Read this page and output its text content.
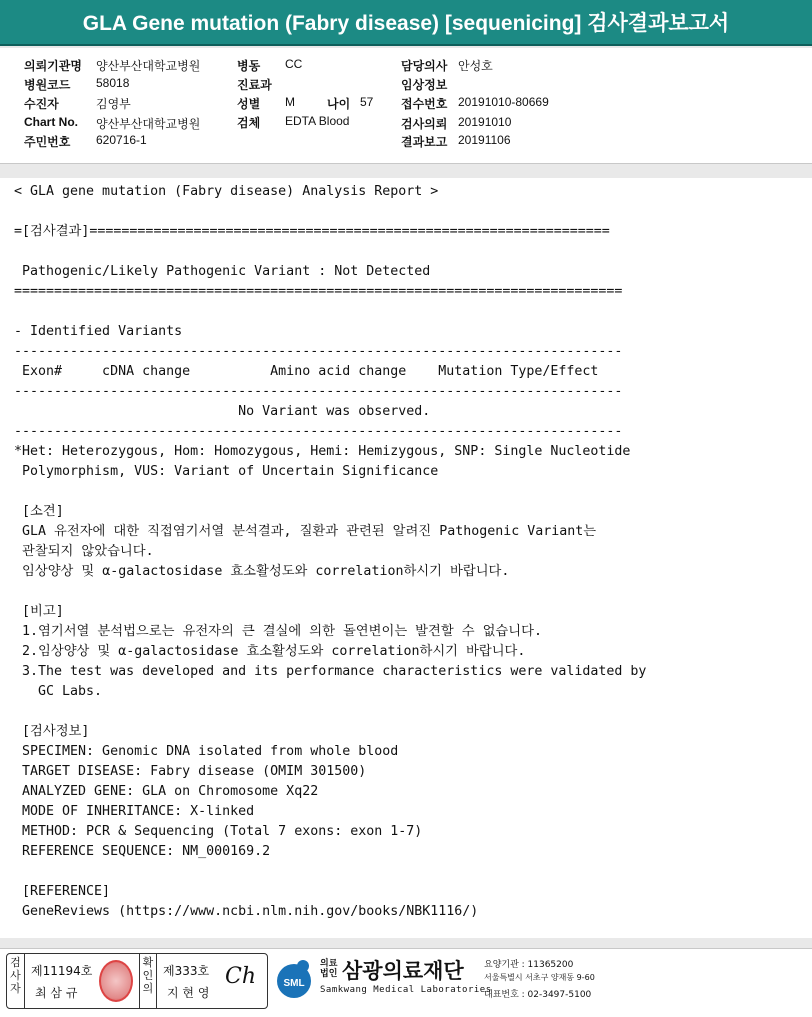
GLA Gene mutation (Fabry disease) [sequenicing] 검사결과보고서
의뢰기관명 양산부산대학교병원
병원코드 58018
수진자	김영부
Chart No. 양산부산대학교병원
주민번호 620716-1
병동 CC
진료과
성별 M	나이 57
검체 EDTA Blood
담당의사 안성호
임상정보
접수번호 20191010-80669
검사의뢰 20191010
결과보고 20191106
< GLA gene mutation (Fabry disease) Analysis Report >

=[검사결과]=================================================================

Pathogenic/Likely Pathogenic Variant : Not Detected
============================================================================

- Identified Variants
----------------------------------------------------------------------------
Exon#     cDNA change          Amino acid change    Mutation Type/Effect
----------------------------------------------------------------------------
No Variant was observed.
----------------------------------------------------------------------------
*Het: Heterozygous, Hom: Homozygous, Hemi: Hemizygous, SNP: Single Nucleotide
Polymorphism, VUS: Variant of Uncertain Significance

[소견]
GLA 유전자에 대한 직접염기서열 분석결과, 질환과 관련된 알려진 Pathogenic Variant는
관찰되지 않았습니다.
임상양상 및 α-galactosidase 효소활성도와 correlation하시기 바랍니다.

[비고]
1.염기서열 분석법으로는 유전자의 큰 결실에 의한 돌연변이는 발견할 수 없습니다.
2.임상양상 및 α-galactosidase 효소활성도와 correlation하시기 바랍니다.
3.The test was developed and its performance characteristics were validated by
GC Labs.

[검사정보]
SPECIMEN: Genomic DNA isolated from whole blood
TARGET DISEASE: Fabry disease (OMIM 301500)
ANALYZED GENE: GLA on Chromosome Xq22
MODE OF INHERITANCE: X-linked
METHOD: PCR & Sequencing (Total 7 exons: exon 1-7)
REFERENCE SEQUENCE: NM_000169.2

[REFERENCE]
GeneReviews (https://www.ncbi.nlm.nih.gov/books/NBK1116/)
검사자
제11194호
최 삼 규
확인의
제333호
지 현 영
Ch	SML
의료법인 삼광의료재단
Samkwang Medical Laboratories
요양기관 : 11365200
서울특별시 서초구 양재동 9-60
대표번호 : 02-3497-5100
